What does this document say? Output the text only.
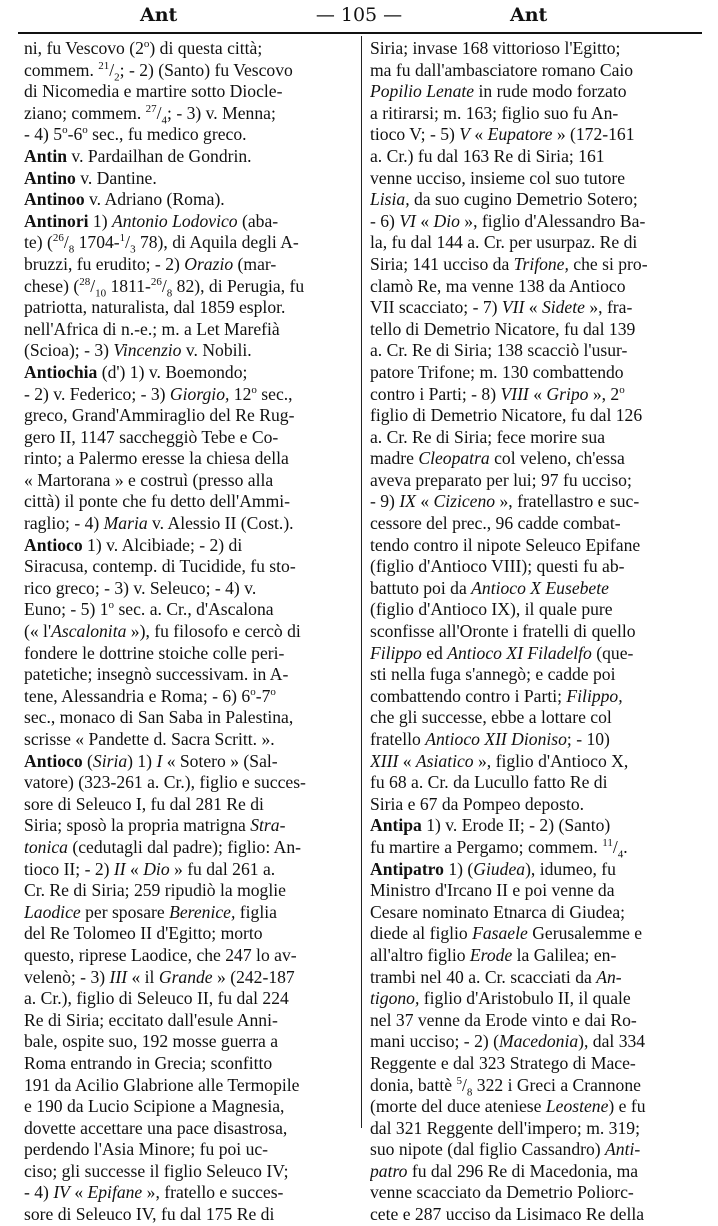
Ant	— 105 —	Ant
ni, fu Vescovo (2$^o$) di questa città;
commem. $^{21}/_2$; - 2) (Santo) fu Vescovo
di Nicomedia e martire sotto Diocle-
ziano; commem. $^{27}/_4$; - 3) v. Menna;
- 4) 5$^o$-6$^o$ sec., fu medico greco.
Antin v. Pardailhan de Gondrin.
Antino v. Dantine.
Antinoo v. Adriano (Roma).
Antinori 1) Antonio Lodovico (aba-
te) ($^{26}/_8$ $1704-^1/_3$ 78), di Aquila degli A-
bruzzi, fu erudito; - 2) Orazio (mar-
chese) ($^{28}/_{10}$ $1811-^{26}/_8$ 82), di Perugia, fu
patriotta, naturalista, dal 1859 esplor.
nell'Africa di n.-e.; m. a Let Marefià
(Scioa); - 3) Vincenzio v. Nobili.
Antiochia (d') 1) v. Boemondo;
- 2) v. Federico; - 3) Giorgio, 12$^o$ sec.,
greco, Grand'Ammiraglio del Re Rug-
gero II, 1147 saccheggiò Tebe e Co-
rinto; a Palermo eresse la chiesa della
« Martorana » e costruì (presso alla
città) il ponte che fu detto dell'Ammi-
raglio; - 4) Maria v. Alessio II (Cost.).
Antioco 1) v. Alcibiade; - 2) di
Siracusa, contemp. di Tucidide, fu sto-
rico greco; - 3) v. Seleuco; - 4) v.
Euno; - 5) 1$^o$ sec. a. Cr., d'Ascalona
(« l'Ascalonita »), fu filosofo e cercò di
fondere le dottrine stoiche colle peri-
patetiche; insegnò successivam. in A-
tene, Alessandria e Roma; - 6) 6$^o$-7$^o$
sec., monaco di San Saba in Palestina,
scrisse « Pandette d. Sacra Scritt. ».
Antioco (Siria) 1) I « Sotero » (Sal-
vatore) (323-261 a. Cr.), figlio e succes-
sore di Seleuco I, fu dal 281 Re di
Siria; sposò la propria matrigna Stra-
tonica (cedutagli dal padre); figlio: An-
tioco II; - 2) II « Dio » fu dal 261 a.
Cr. Re di Siria; 259 ripudiò la moglie
Laodice per sposare Berenice, figlia
del Re Tolomeo II d'Egitto; morto
questo, riprese Laodice, che 247 lo av-
velenò; - 3) III « il Grande » (242-187
a. Cr.), figlio di Seleuco II, fu dal 224
Re di Siria; eccitato dall'esule Anni-
bale, ospite suo, 192 mosse guerra a
Roma entrando in Grecia; sconfitto
191 da Acilio Glabrione alle Termopile
e 190 da Lucio Scipione a Magnesia,
dovette accettare una pace disastrosa,
perdendo l'Asia Minore; fu poi uc-
ciso; gli successe il figlio Seleuco IV;
- 4) IV « Epifane », fratello e succes-
sore di Seleuco IV, fu dal 175 Re di
Siria; invase 168 vittorioso l'Egitto;
ma fu dall'ambasciatore romano Caio
Popilio Lenate in rude modo forzato
a ritirarsi; m. 163; figlio suo fu An-
tioco V; - 5) V « Eupatore » (172-161
a. Cr.) fu dal 163 Re di Siria; 161
venne ucciso, insieme col suo tutore
Lisia, da suo cugino Demetrio Sotero;
- 6) VI « Dio », figlio d'Alessandro Ba-
la, fu dal 144 a. Cr. per usurpaz. Re di
Siria; 141 ucciso da Trifone, che si pro-
clamò Re, ma venne 138 da Antioco
VII scacciato; - 7) VII « Sidete », fra-
tello di Demetrio Nicatore, fu dal 139
a. Cr. Re di Siria; 138 scacciò l'usur-
patore Trifone; m. 130 combattendo
contro i Parti; - 8) VIII « Gripo », 2$^o$
figlio di Demetrio Nicatore, fu dal 126
a. Cr. Re di Siria; fece morire sua
madre Cleopatra col veleno, ch'essa
aveva preparato per lui; 97 fu ucciso;
- 9) IX « Ciziceno », fratellastro e suc-
cessore del prec., 96 cadde combat-
tendo contro il nipote Seleuco Epifane
(figlio d'Antioco VIII); questi fu ab-
battuto poi da Antioco X Eusebete
(figlio d'Antioco IX), il quale pure
sconfisse all'Oronte i fratelli di quello
Filippo ed Antioco XI Filadelfo (que-
sti nella fuga s'annegò; e cadde poi
combattendo contro i Parti; Filippo,
che gli successe, ebbe a lottare col
fratello Antioco XII Dioniso; - 10)
XIII « Asiatico », figlio d'Antioco X,
fu 68 a. Cr. da Lucullo fatto Re di
Siria e 67 da Pompeo deposto.
Antipa 1) v. Erode II; - 2) (Santo)
fu martire a Pergamo; commem. $^{11}/_4$.
Antipatro 1) (Giudea), idumeo, fu
Ministro d'Ircano II e poi venne da
Cesare nominato Etnarca di Giudea;
diede al figlio Fasaele Gerusalemme e
all'altro figlio Erode la Galilea; en-
trambi nel 40 a. Cr. scacciati da An-
tigono, figlio d'Aristobulo II, il quale
nel 37 venne da Erode vinto e dai Ro-
mani ucciso; - 2) (Macedonia), dal 334
Reggente e dal 323 Stratego di Mace-
donia, battè $^5/_8$ 322 i Greci a Crannone
(morte del duce ateniese Leostene) e fu
dal 321 Reggente dell'impero; m. 319;
suo nipote (dal figlio Cassandro) Anti-
patro fu dal 296 Re di Macedonia, ma
venne scacciato da Demetrio Poliorc-
cete e 287 ucciso da Lisimaco Re della
